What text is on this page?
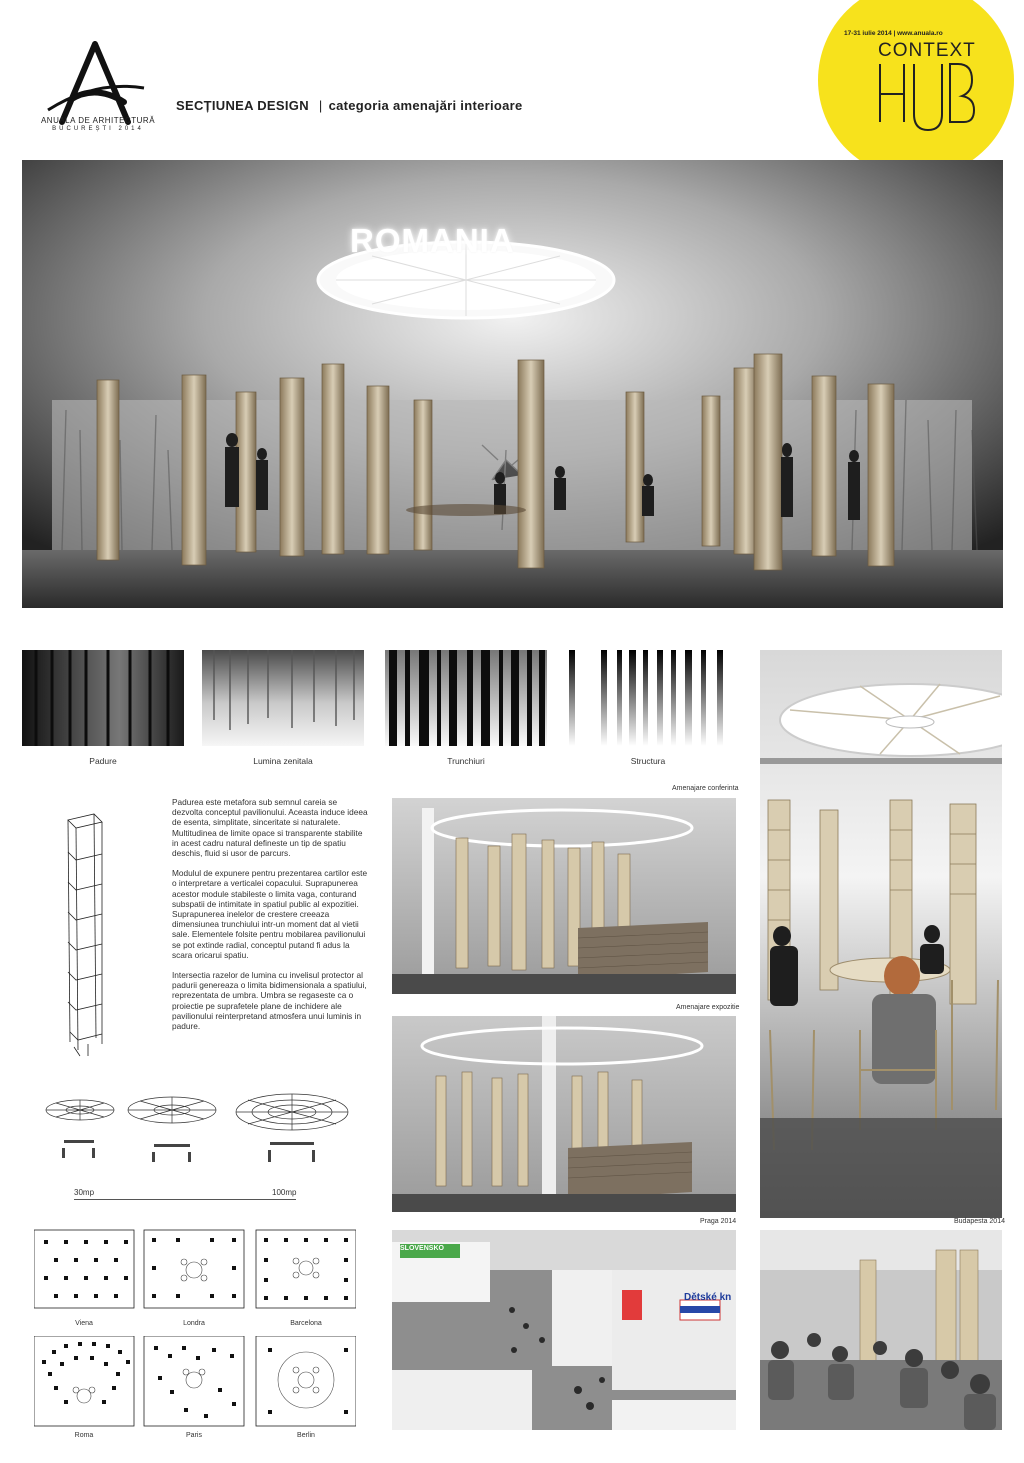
ANUALA DE ARHITECTURĂ
BUCUREȘTI 2014
SECȚIUNEA DESIGN | categoria amenajări interioare
17-31 iulie 2014 | www.anuala.ro
CONTEXT
ROMANIA
Padure	Lumina zenitala	Trunchiuri	Structura

Padurea este metafora sub semnul careia se dezvolta conceptul pavilionului. Aceasta induce ideea de esenta, simplitate, sinceritate si naturalete. Multitudinea de limite opace si transparente stabilite in acest cadru natural defineste un tip de spatiu deschis, fluid si usor de parcurs.

Modulul de expunere pentru prezentarea cartilor este o interpretare a verticalei copacului. Suprapunerea acestor module stabileste o limita vaga, conturand subspatii de intimitate in spatiul public al expozitiei. Suprapunerea inelelor de crestere creeaza dimensiunea trunchiului intr-un moment dat al vietii sale. Elementele folsite pentru mobilarea pavilionului se pot extinde radial, conceptul putand fi adus la scara oricarui spatiu.

Intersectia razelor de lumina cu invelisul protector al padurii genereaza o limita bidimensionala a spatiului, reprezentata de umbra. Umbra se regaseste ca o proiectie pe suprafetele plane de inchidere ale pavilionului reinterpretand atmosfera unui luminis in padure.

30mp	100mp
Amenajare conferinta
Amenajare expozitie
Viena	Londra	Barcelona
Roma	Paris	Berlin
Praga 2014
SLOVENSKO
Dětské kn
Budapesta 2014
